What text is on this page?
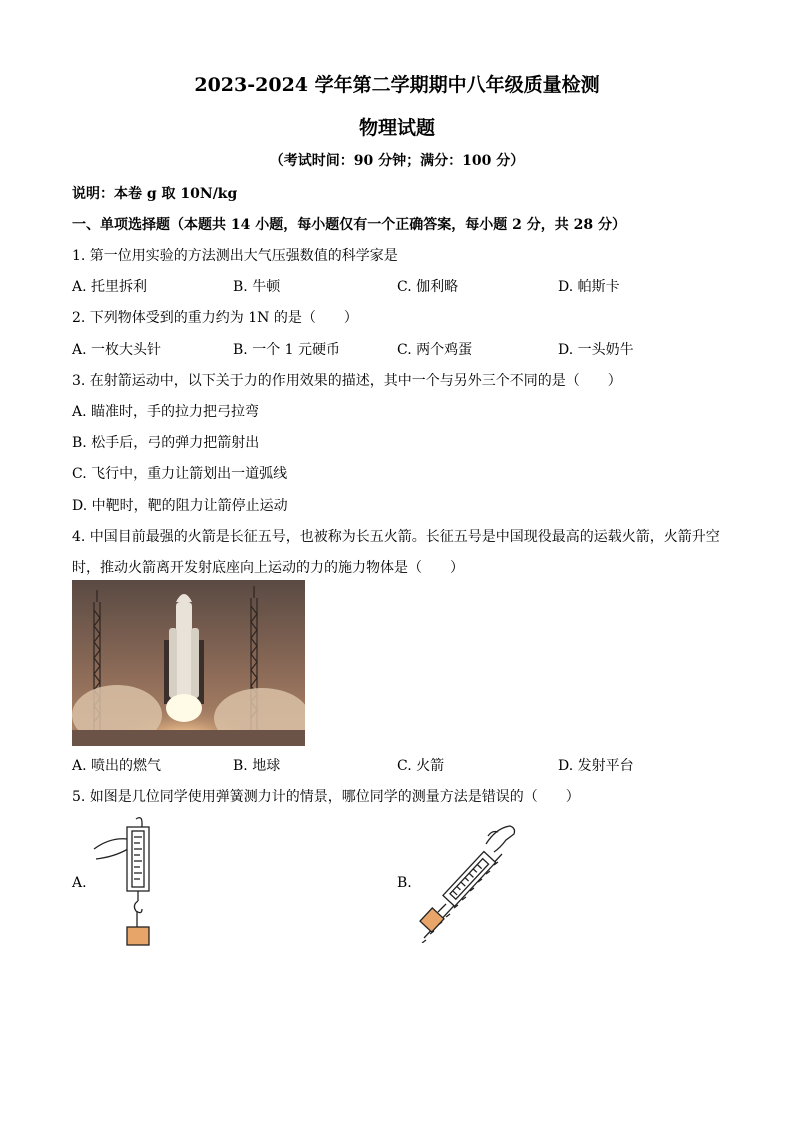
2023-2024 学年第二学期期中八年级质量检测
物理试题
（考试时间：90 分钟；满分：100 分）
说明：本卷 g 取 10N/kg
一、单项选择题（本题共 14 小题，每小题仅有一个正确答案，每小题 2 分，共 28 分）
1. 第一位用实验的方法测出大气压强数值的科学家是
A. 托里拆利	B. 牛顿	C. 伽利略	D. 帕斯卡
2. 下列物体受到的重力约为 1N 的是（　　）
A. 一枚大头针	B. 一个 1 元硬币	C. 两个鸡蛋	D. 一头奶牛
3. 在射箭运动中，以下关于力的作用效果的描述，其中一个与另外三个不同的是（　　）
A. 瞄准时，手的拉力把弓拉弯
B. 松手后，弓的弹力把箭射出
C. 飞行中，重力让箭划出一道弧线
D. 中靶时，靶的阻力让箭停止运动
4. 中国目前最强的火箭是长征五号，也被称为长五火箭。长征五号是中国现役最高的运载火箭，火箭升空
时，推动火箭离开发射底座向上运动的力的施力物体是（　　）
A. 喷出的燃气	B. 地球	C. 火箭	D. 发射平台
5. 如图是几位同学使用弹簧测力计的情景，哪位同学的测量方法是错误的（　　）
A.	B.
